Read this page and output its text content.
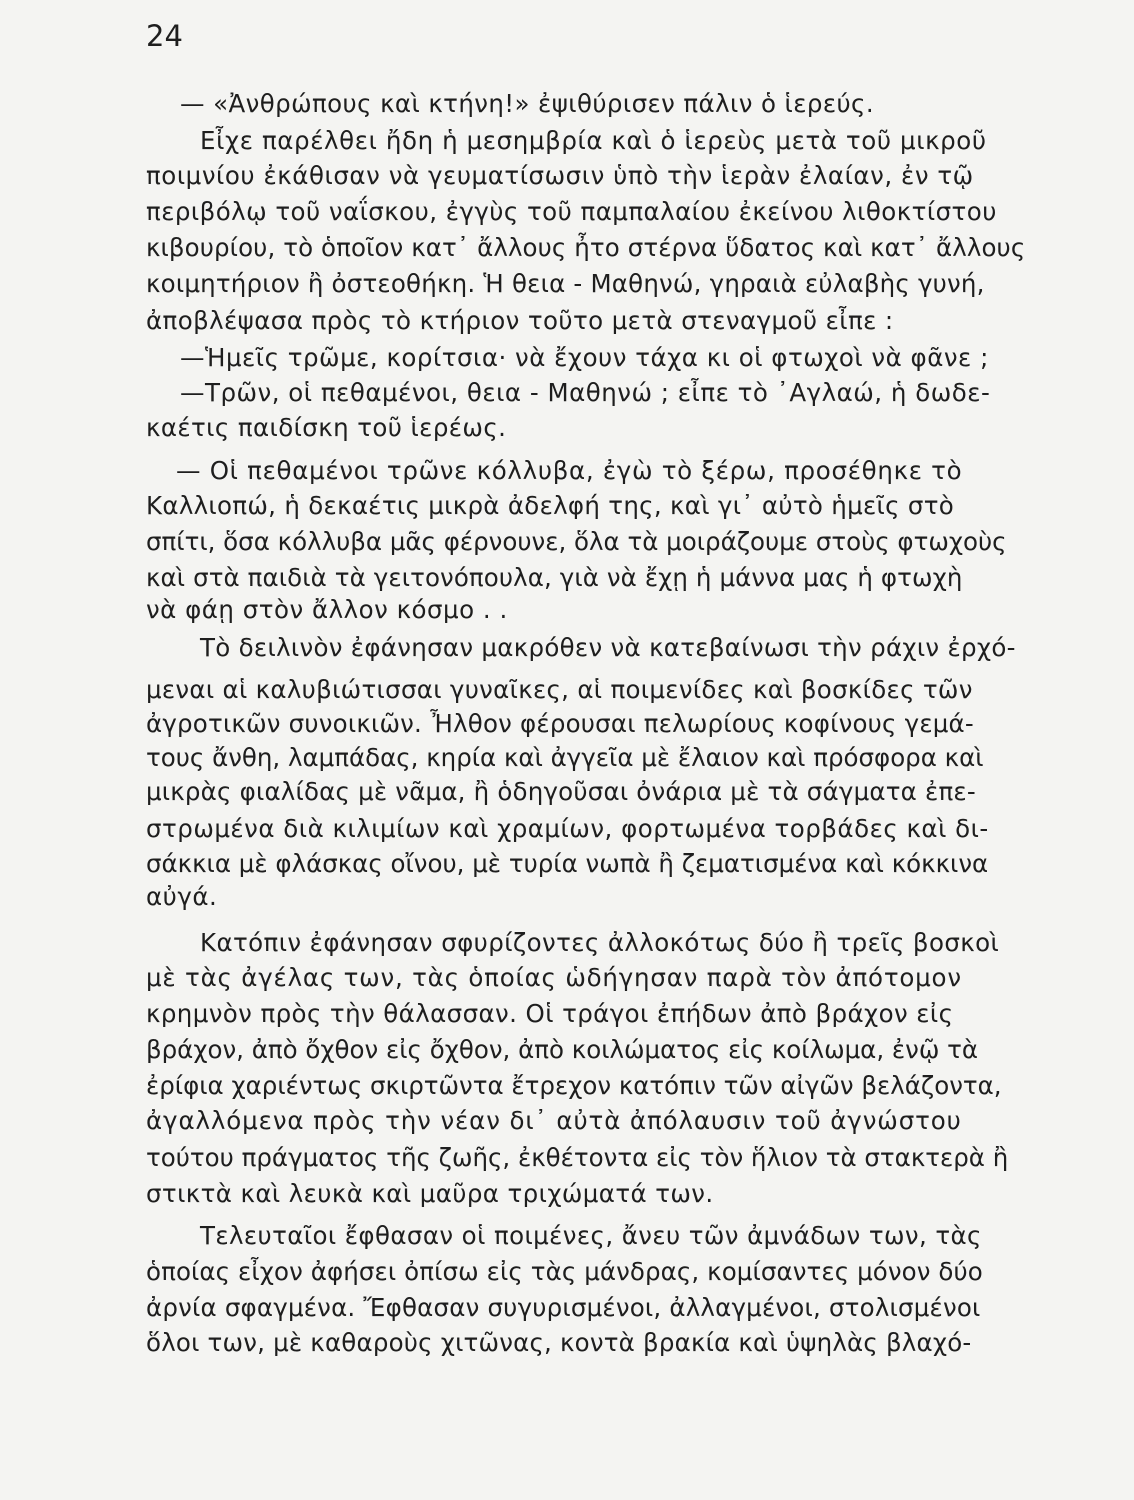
24
— «Ἀνθρώπους καὶ κτήνη!» ἐψιθύρισεν πάλιν ὁ ἱερεύς.
Εἶχε παρέλθει ἤδη ἡ μεσημβρία καὶ ὁ ἱερεὺς μετὰ τοῦ μικροῦ
ποιμνίου ἐκάθισαν νὰ γευματίσωσιν ὑπὸ τὴν ἱερὰν ἐλαίαν, ἐν τῷ
περιβόλῳ τοῦ ναΐσκου, ἐγγὺς τοῦ παμπαλαίου ἐκείνου λιθοκτίστου
κιβουρίου, τὸ ὁποῖον κατ᾽ ἄλλους ἦτο στέρνα ὕδατος καὶ κατ᾽ ἄλλους
κοιμητήριον ἢ ὀστεοθήκη. Ἡ θεια - Μαθηνώ, γηραιὰ εὐλαβὴς γυνή,
ἀποβλέψασα πρὸς τὸ κτήριον τοῦτο μετὰ στεναγμοῦ εἶπε :
—Ἡμεῖς τρῶμε, κορίτσια· νὰ ἔχουν τάχα κι οἱ φτωχοὶ νὰ φᾶνε ;
—Τρῶν, οἱ πεθαμένοι, θεια - Μαθηνώ ; εἶπε τὸ ᾿Αγλαώ, ἡ δωδε-
καέτις παιδίσκη τοῦ ἱερέως.
— Οἱ πεθαμένοι τρῶνε κόλλυβα, ἐγὼ τὸ ξέρω, προσέθηκε τὸ
Καλλιοπώ, ἡ δεκαέτις μικρὰ ἀδελφή της, καὶ γι᾽ αὐτὸ ἡμεῖς στὸ
σπίτι, ὅσα κόλλυβα μᾶς φέρνουνε, ὅλα τὰ μοιράζουμε στοὺς φτωχοὺς
καὶ στὰ παιδιὰ τὰ γειτονόπουλα, γιὰ νὰ ἔχῃ ἡ μάννα μας ἡ φτωχὴ
νὰ φάῃ στὸν ἄλλον κόσμο . .
Τὸ δειλινὸν ἐφάνησαν μακρόθεν νὰ κατεβαίνωσι τὴν ράχιν ἐρχό-
μεναι αἱ καλυβιώτισσαι γυναῖκες, αἱ ποιμενίδες καὶ βοσκίδες τῶν
ἀγροτικῶν συνοικιῶν. Ἦλθον φέρουσαι πελωρίους κοφίνους γεμά-
τους ἄνθη, λαμπάδας, κηρία καὶ ἀγγεῖα μὲ ἔλαιον καὶ πρόσφορα καὶ
μικρὰς φιαλίδας μὲ νᾶμα, ἢ ὁδηγοῦσαι ὀνάρια μὲ τὰ σάγματα ἐπε-
στρωμένα διὰ κιλιμίων καὶ χραμίων, φορτωμένα τορβάδες καὶ δι-
σάκκια μὲ φλάσκας οἴνου, μὲ τυρία νωπὰ ἢ ζεματισμένα καὶ κόκκινα
αὐγά.
Κατόπιν ἐφάνησαν σφυρίζοντες ἀλλοκότως δύο ἢ τρεῖς βοσκοὶ
μὲ τὰς ἀγέλας των, τὰς ὁποίας ὡδήγησαν παρὰ τὸν ἀπότομον
κρημνὸν πρὸς τὴν θάλασσαν. Οἱ τράγοι ἐπήδων ἀπὸ βράχον εἰς
βράχον, ἀπὸ ὄχθον εἰς ὄχθον, ἀπὸ κοιλώματος εἰς κοίλωμα, ἐνῷ τὰ
ἐρίφια χαριέντως σκιρτῶντα ἔτρεχον κατόπιν τῶν αἰγῶν βελάζοντα,
ἀγαλλόμενα πρὸς τὴν νέαν δι᾽ αὐτὰ ἀπόλαυσιν τοῦ ἀγνώστου
τούτου πράγματος τῆς ζωῆς, ἐκθέτοντα εἰς τὸν ἥλιον τὰ στακτερὰ ἢ
στικτὰ καὶ λευκὰ καὶ μαῦρα τριχώματά των.
Τελευταῖοι ἔφθασαν οἱ ποιμένες, ἄνευ τῶν ἀμνάδων των, τὰς
ὁποίας εἶχον ἀφήσει ὀπίσω εἰς τὰς μάνδρας, κομίσαντες μόνον δύο
ἀρνία σφαγμένα. Ἔφθασαν συγυρισμένοι, ἀλλαγμένοι, στολισμένοι
ὅλοι των, μὲ καθαροὺς χιτῶνας, κοντὰ βρακία καὶ ὑψηλὰς βλαχό-
